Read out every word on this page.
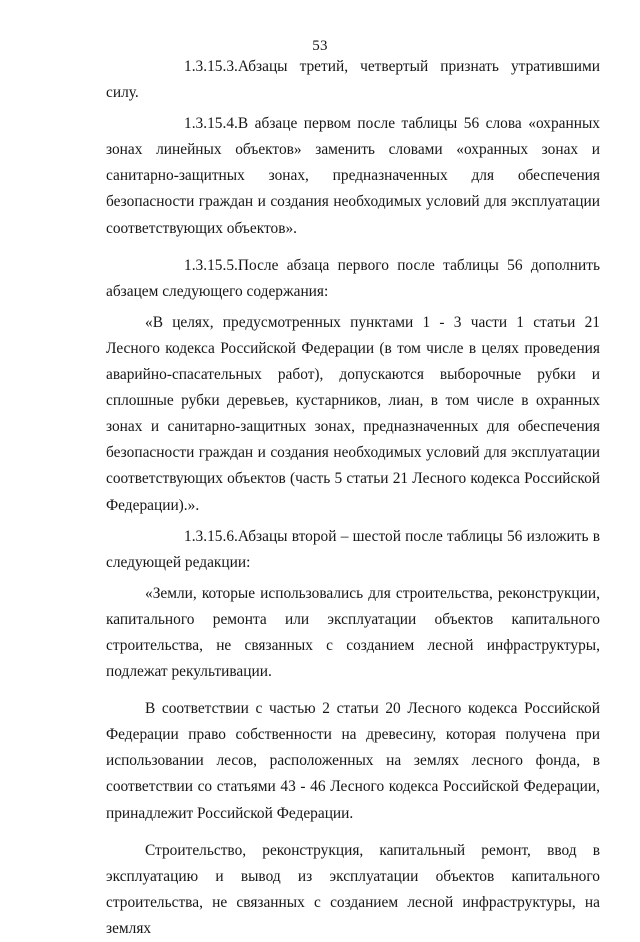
53

1.3.15.3.Абзацы третий, четвертый признать утратившими силу.

1.3.15.4.В абзаце первом после таблицы 56 слова «охранных зонах линейных объектов» заменить словами «охранных зонах и санитарно-защитных зонах, предназначенных для обеспечения безопасности граждан и создания необходимых условий для эксплуатации соответствующих объектов».

1.3.15.5.После абзаца первого после таблицы 56 дополнить абзацем следующего содержания:

«В целях, предусмотренных пунктами 1 - 3 части 1 статьи 21 Лесного кодекса Российской Федерации (в том числе в целях проведения аварийно-спасательных работ), допускаются выборочные рубки и сплошные рубки деревьев, кустарников, лиан, в том числе в охранных зонах и санитарно-защитных зонах, предназначенных для обеспечения безопасности граждан и создания необходимых условий для эксплуатации соответствующих объектов (часть 5 статьи 21 Лесного кодекса Российской Федерации).».

1.3.15.6.Абзацы второй – шестой после таблицы 56 изложить в следующей редакции:

«Земли, которые использовались для строительства, реконструкции, капитального ремонта или эксплуатации объектов капитального строительства, не связанных с созданием лесной инфраструктуры, подлежат рекультивации.

В соответствии с частью 2 статьи 20 Лесного кодекса Российской Федерации право собственности на древесину, которая получена при использовании лесов, расположенных на землях лесного фонда, в соответствии со статьями 43 - 46 Лесного кодекса Российской Федерации, принадлежит Российской Федерации.

Строительство, реконструкция, капитальный ремонт, ввод в эксплуатацию и вывод из эксплуатации объектов капитального строительства, не связанных с созданием лесной инфраструктуры, на землях
